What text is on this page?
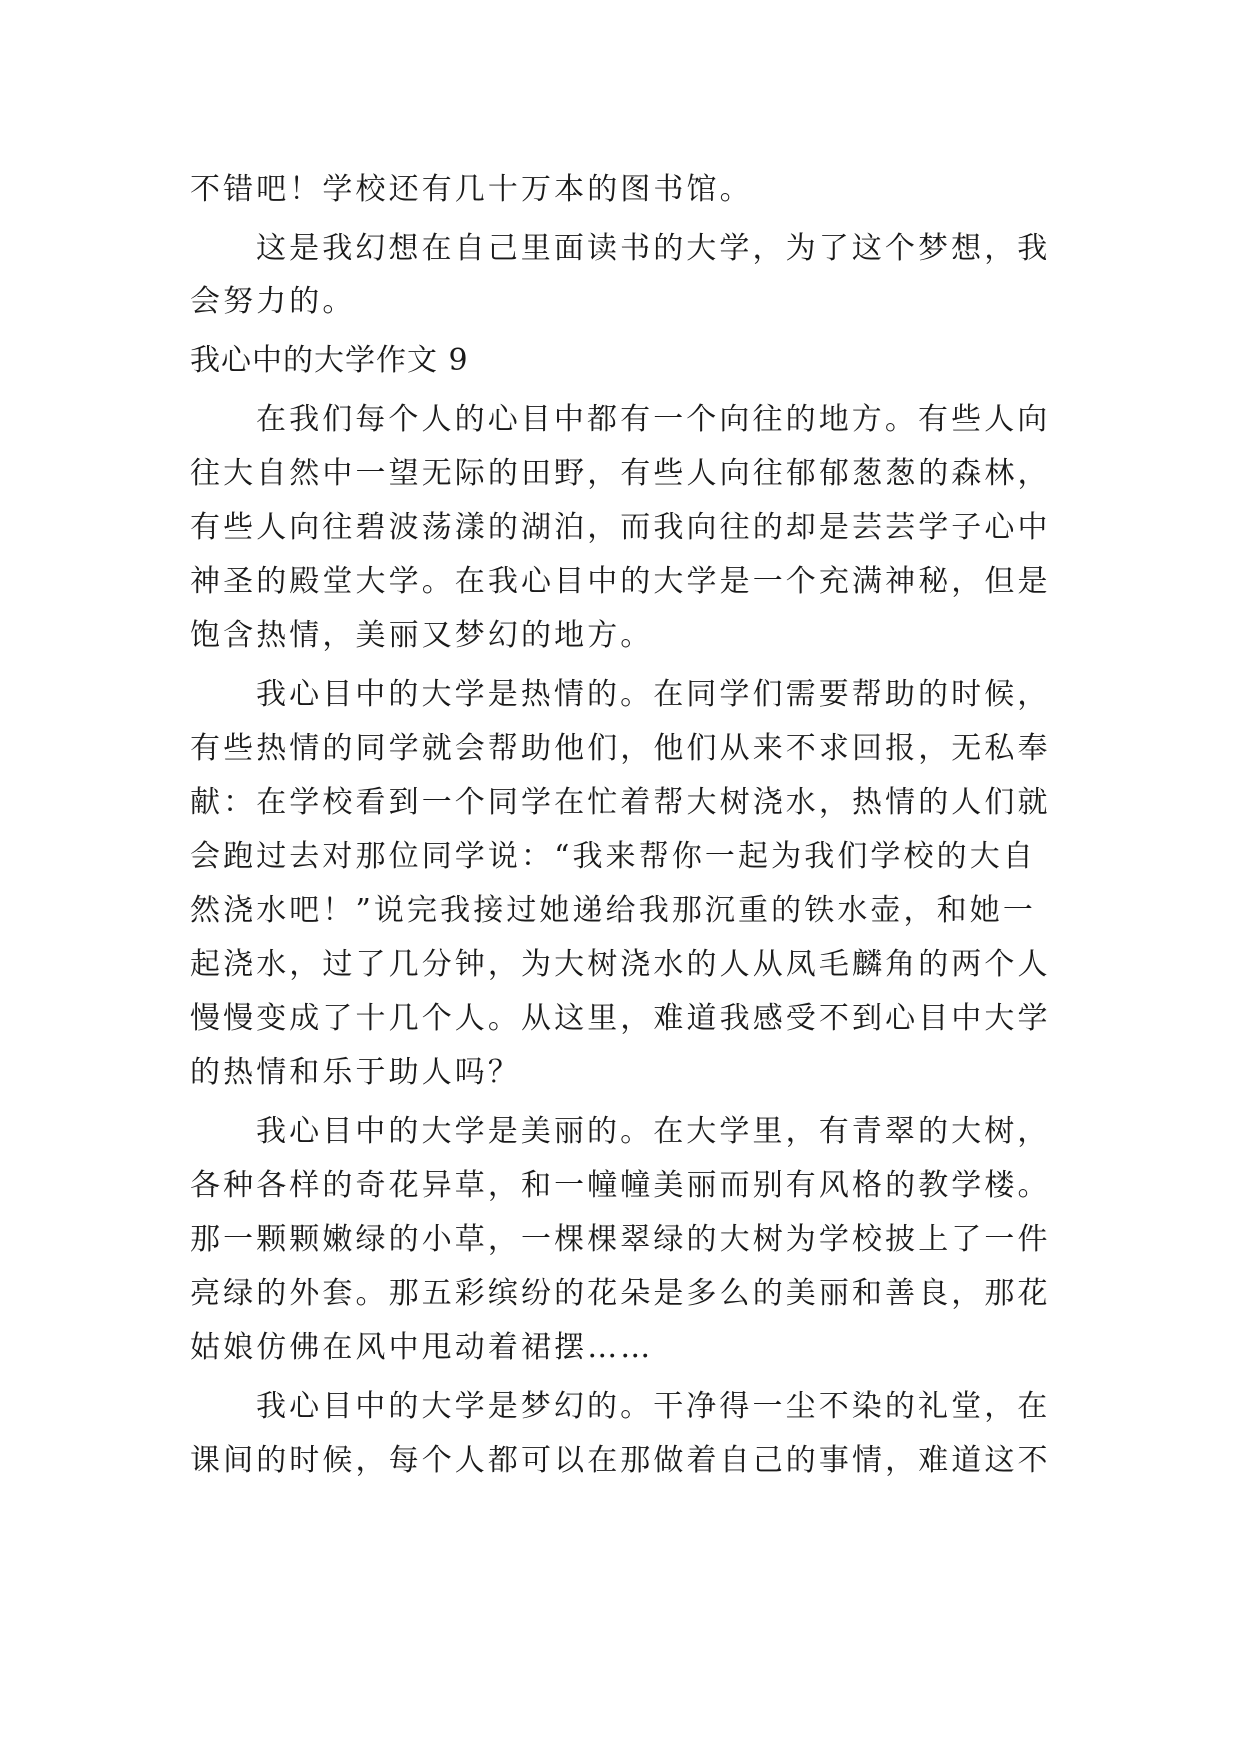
不错吧！学校还有几十万本的图书馆。
这是我幻想在自己里面读书的大学，为了这个梦想，我
会努力的。
我心中的大学作文 9
在我们每个人的心目中都有一个向往的地方。有些人向
往大自然中一望无际的田野，有些人向往郁郁葱葱的森林，
有些人向往碧波荡漾的湖泊，而我向往的却是芸芸学子心中
神圣的殿堂大学。在我心目中的大学是一个充满神秘，但是
饱含热情，美丽又梦幻的地方。
我心目中的大学是热情的。在同学们需要帮助的时候，
有些热情的同学就会帮助他们，他们从来不求回报，无私奉
献：在学校看到一个同学在忙着帮大树浇水，热情的人们就
会跑过去对那位同学说：“我来帮你一起为我们学校的大自
然浇水吧！”说完我接过她递给我那沉重的铁水壶，和她一
起浇水，过了几分钟，为大树浇水的人从凤毛麟角的两个人
慢慢变成了十几个人。从这里，难道我感受不到心目中大学
的热情和乐于助人吗？
我心目中的大学是美丽的。在大学里，有青翠的大树，
各种各样的奇花异草，和一幢幢美丽而别有风格的教学楼。
那一颗颗嫩绿的小草，一棵棵翠绿的大树为学校披上了一件
亮绿的外套。那五彩缤纷的花朵是多么的美丽和善良，那花
姑娘仿佛在风中甩动着裙摆……
我心目中的大学是梦幻的。干净得一尘不染的礼堂，在
课间的时候，每个人都可以在那做着自己的事情，难道这不
